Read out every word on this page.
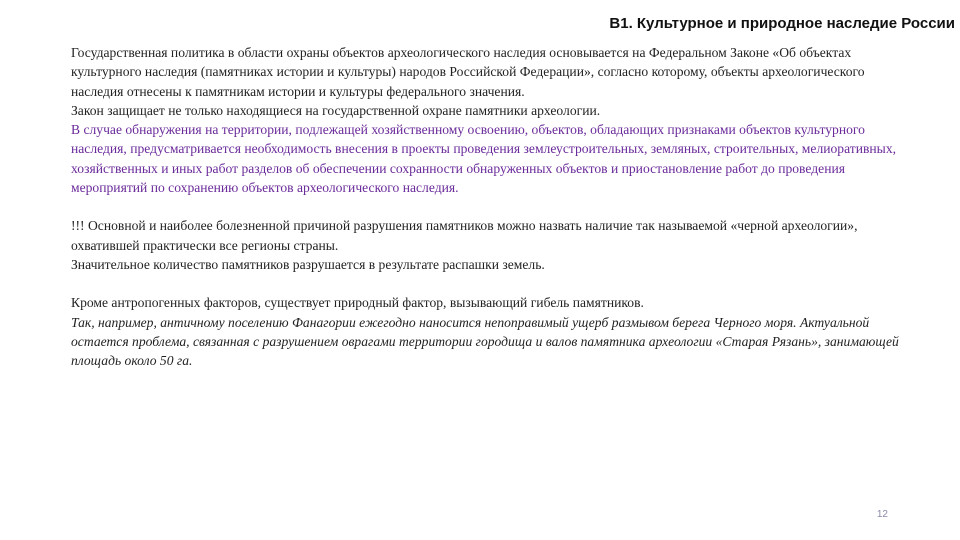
В1. Культурное и природное наследие России

Государственная политика в области охраны объектов археологического наследия основывается на Федеральном Законе «Об объектах культурного наследия (памятниках истории и культуры) народов Российской Федерации», согласно которому, объекты археологического наследия отнесены к памятникам истории и культуры федерального значения.

Закон защищает не только находящиеся на государственной охране памятники археологии.

В случае обнаружения на территории, подлежащей хозяйственному освоению, объектов, обладающих признаками объектов культурного наследия, предусматривается необходимость внесения в проекты проведения землеустроительных, земляных, строительных, мелиоративных, хозяйственных и иных работ разделов об обеспечении сохранности обнаруженных объектов и приостановление работ до проведения мероприятий по сохранению объектов археологического наследия.

!!! Основной и наиболее болезненной причиной разрушения памятников можно назвать наличие так называемой «черной археологии», охватившей практически все регионы страны.

Значительное количество памятников разрушается в результате распашки земель.

Кроме антропогенных факторов, существует природный фактор, вызывающий гибель памятников.

Так, например, античному поселению Фанагории ежегодно наносится непоправимый ущерб размывом берега Черного моря. Актуальной остается проблема, связанная с разрушением оврагами территории городища и валов памятника археологии «Старая Рязань», занимающей площадь около 50 га.

12
